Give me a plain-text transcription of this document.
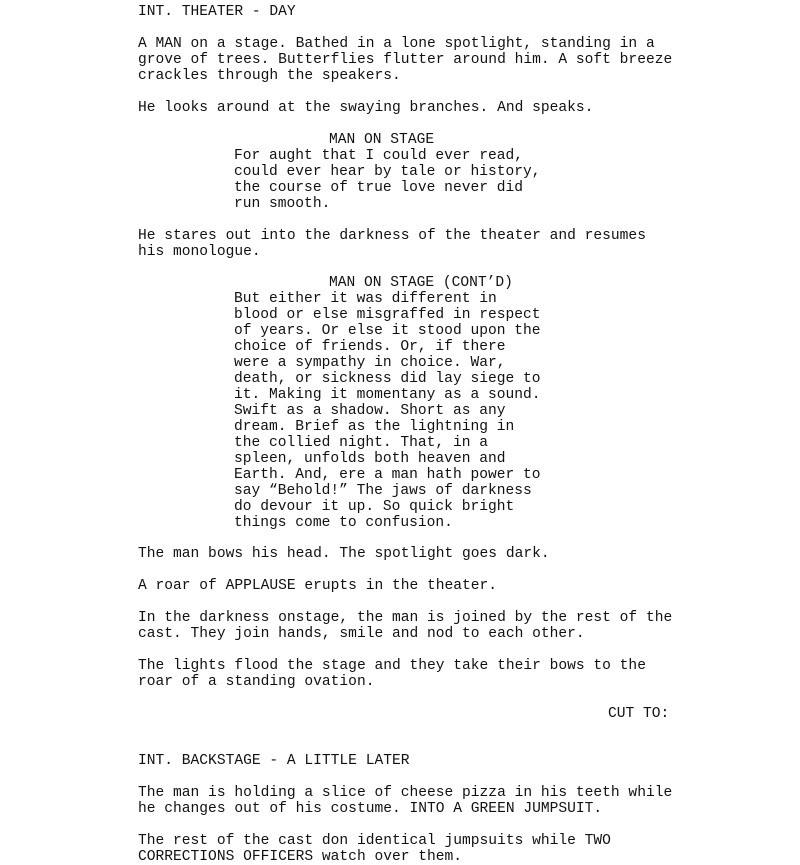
INT. THEATER - DAY
A MAN on a stage. Bathed in a lone spotlight, standing in a
grove of trees. Butterflies flutter around him. A soft breeze
crackles through the speakers.
He looks around at the swaying branches. And speaks.
MAN ON STAGE
For aught that I could ever read,
could ever hear by tale or history,
the course of true love never did
run smooth.
He stares out into the darkness of the theater and resumes
his monologue.
MAN ON STAGE (CONT’D)
But either it was different in
blood or else misgraffed in respect
of years. Or else it stood upon the
choice of friends. Or, if there
were a sympathy in choice. War,
death, or sickness did lay siege to
it. Making it momentany as a sound.
Swift as a shadow. Short as any
dream. Brief as the lightning in
the collied night. That, in a
spleen, unfolds both heaven and
Earth. And, ere a man hath power to
say “Behold!” The jaws of darkness
do devour it up. So quick bright
things come to confusion.
The man bows his head. The spotlight goes dark.
A roar of APPLAUSE erupts in the theater.
In the darkness onstage, the man is joined by the rest of the
cast. They join hands, smile and nod to each other.
The lights flood the stage and they take their bows to the
roar of a standing ovation.
CUT TO:
INT. BACKSTAGE - A LITTLE LATER
The man is holding a slice of cheese pizza in his teeth while
he changes out of his costume. INTO A GREEN JUMPSUIT.
The rest of the cast don identical jumpsuits while TWO
CORRECTIONS OFFICERS watch over them.
